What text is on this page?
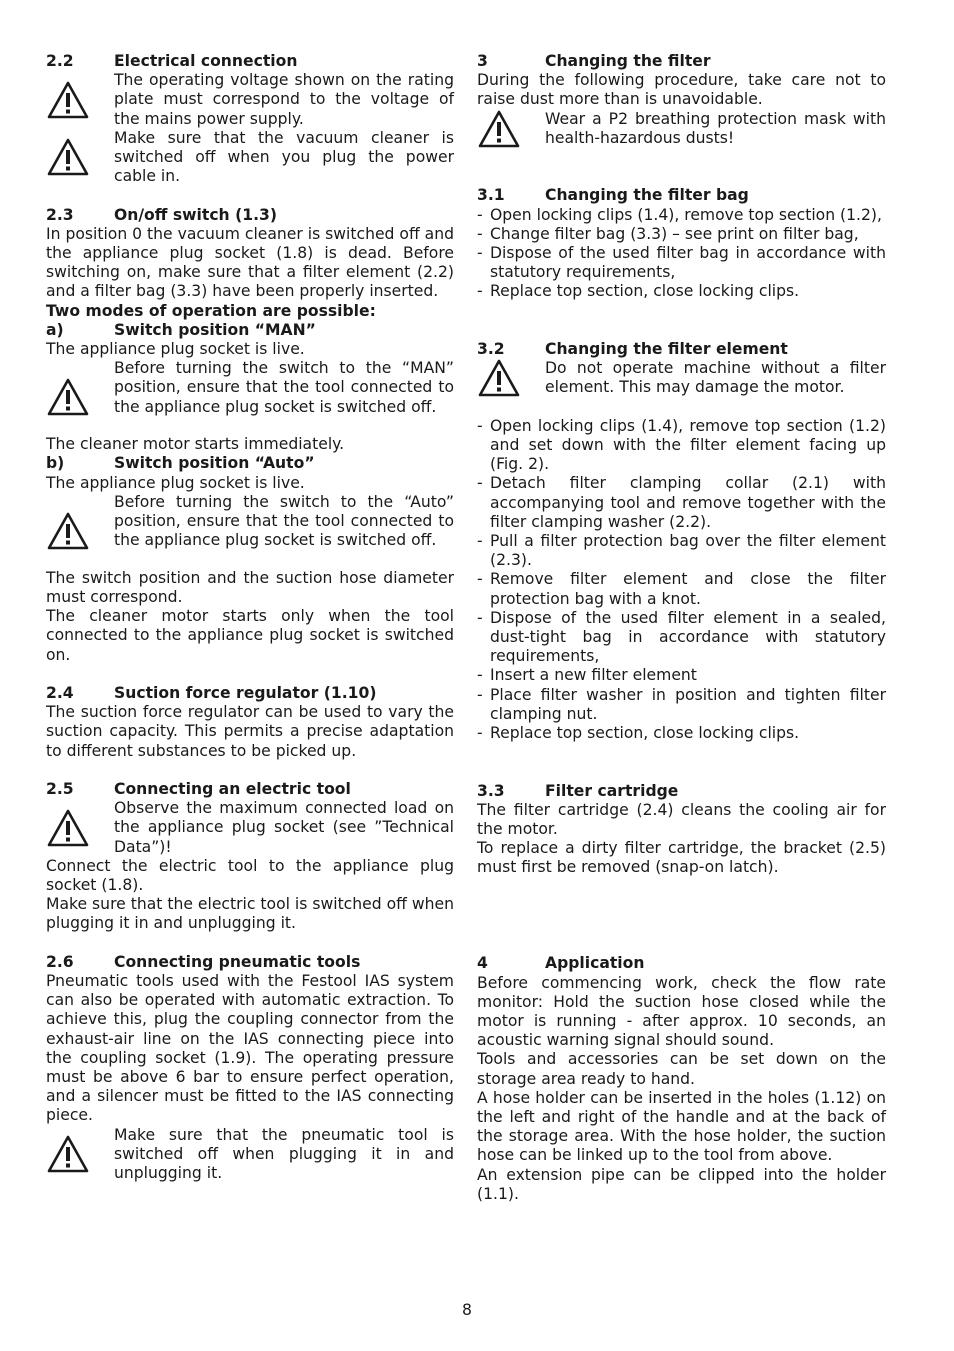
2.2	Electrical connection
The operating voltage shown on the rating plate must correspond to the voltage of the mains power supply.
Make sure that the vacuum cleaner is switched off when you plug the power cable in.
2.3	On/off switch (1.3)
In position 0 the vacuum cleaner is switched off and the appliance plug socket (1.8) is dead. Before switching on, make sure that a filter element (2.2) and a filter bag (3.3) have been properly inserted.
Two modes of operation are possible:
a)	Switch position “MAN”
The appliance plug socket is live.
Before turning the switch to the “MAN” position, ensure that the tool connected to the appliance plug socket is switched off.
The cleaner motor starts immediately.
b)	Switch position “Auto”
The appliance plug socket is live.
Before turning the switch to the “Auto” position, ensure that the tool connected to the appliance plug socket is switched off.
The switch position and the suction hose diameter must correspond.
The cleaner motor starts only when the tool connected to the appliance plug socket is switched on.
2.4	Suction force regulator (1.10)
The suction force regulator can be used to vary the suction capacity. This permits a precise adaptation to different substances to be picked up.
2.5	Connecting an electric tool
Observe the maximum connected load on the appliance plug socket (see ”Technical Data”)!
Connect the electric tool to the appliance plug socket (1.8).
Make sure that the electric tool is switched off when plugging it in and unplugging it.
2.6	Connecting pneumatic tools
Pneumatic tools used with the Festool IAS system can also be operated with automatic extraction. To achieve this, plug the coupling connector from the exhaust-air line on the IAS connecting piece into the coupling socket (1.9). The operating pressure must be above 6 bar to ensure perfect operation, and a silencer must be fitted to the IAS connecting piece.
Make sure that the pneumatic tool is switched off when plugging it in and unplugging it.
3	Changing the filter
During the following procedure, take care not to raise dust more than is unavoidable.
Wear a P2 breathing protection mask with health-hazardous dusts!
3.1	Changing the filter bag
- Open locking clips (1.4), remove top section (1.2),
- Change filter bag (3.3) – see print on filter bag,
- Dispose of the used filter bag in accordance with statutory requirements,
- Replace top section, close locking clips.
3.2	Changing the filter element
Do not operate machine without a filter element. This may damage the motor.
- Open locking clips (1.4), remove top section (1.2) and set down with the filter element facing up (Fig. 2).
- Detach filter clamping collar (2.1) with accompanying tool and remove together with the filter clamping washer (2.2).
- Pull a filter protection bag over the filter element (2.3).
- Remove filter element and close the filter protection bag with a knot.
- Dispose of the used filter element in a sealed, dust-tight bag in accordance with statutory requirements,
- Insert a new filter element
- Place filter washer in position and tighten filter clamping nut.
- Replace top section, close locking clips.
3.3	Filter cartridge
The filter cartridge (2.4) cleans the cooling air for the motor.
To replace a dirty filter cartridge, the bracket (2.5) must first be removed (snap-on latch).
4	Application
Before commencing work, check the flow rate monitor: Hold the suction hose closed while the motor is running - after approx. 10 seconds, an acoustic warning signal should sound.
Tools and accessories can be set down on the storage area ready to hand.
A hose holder can be inserted in the holes (1.12) on the left and right of the handle and at the back of the storage area. With the hose holder, the suction hose can be linked up to the tool from above.
An extension pipe can be clipped into the holder (1.1).
8
